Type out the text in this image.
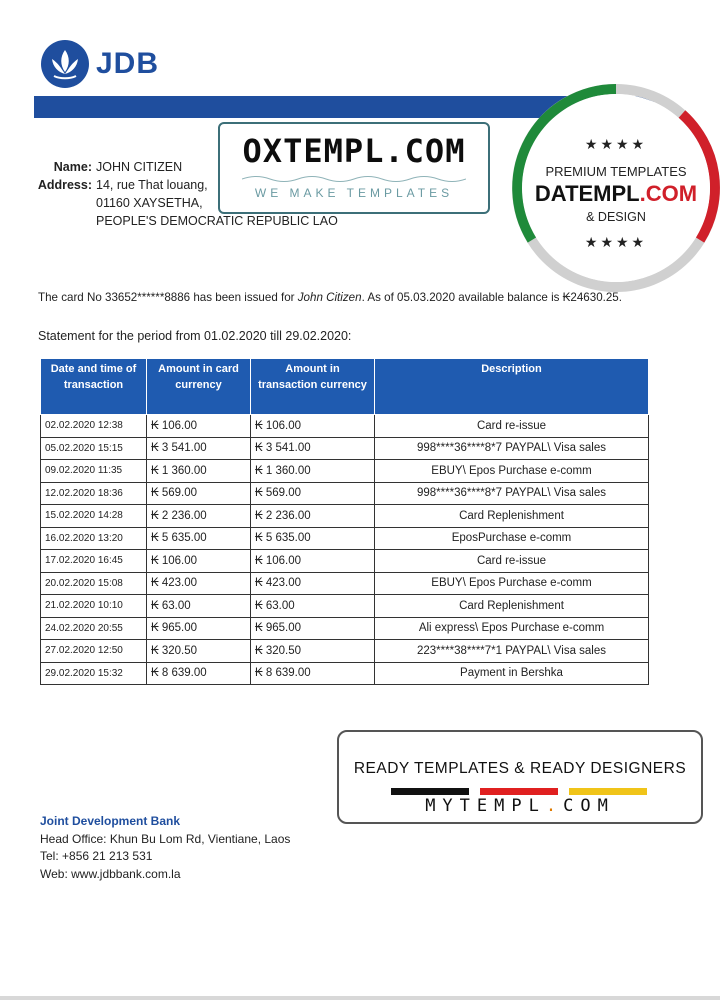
JDB
Name: JOHN CITIZEN
Address: 14, rue That louang,
01160 XAYSETHA,
PEOPLE'S DEMOCRATIC REPUBLIC LAO
OXTEMPL.COM
WE MAKE TEMPLATES
★★★★
PREMIUM TEMPLATES
DATEMPL.COM
& DESIGN
★★★★
The card No 33652******8886 has been issued for John Citizen. As of 05.03.2020 available balance is ₭24630.25.
Statement for the period from 01.02.2020 till 29.02.2020:
Date and time of transaction	Amount in card currency	Amount in transaction currency	Description
02.02.2020 12:38	₭ 106.00	₭ 106.00	Card re-issue
05.02.2020 15:15	₭ 3 541.00	₭ 3 541.00	998****36****8*7 PAYPAL\ Visa sales
09.02.2020 11:35	₭ 1 360.00	₭ 1 360.00	EBUY\ Epos Purchase e-comm
12.02.2020 18:36	₭ 569.00	₭ 569.00	998****36****8*7 PAYPAL\ Visa sales
15.02.2020 14:28	₭ 2 236.00	₭ 2 236.00	Card Replenishment
16.02.2020 13:20	₭ 5 635.00	₭ 5 635.00	EposPurchase e-comm
17.02.2020 16:45	₭ 106.00	₭ 106.00	Card re-issue
20.02.2020 15:08	₭ 423.00	₭ 423.00	EBUY\ Epos Purchase e-comm
21.02.2020 10:10	₭ 63.00	₭ 63.00	Card Replenishment
24.02.2020 20:55	₭ 965.00	₭ 965.00	Ali express\ Epos Purchase e-comm
27.02.2020 12:50	₭ 320.50	₭ 320.50	223****38****7*1 PAYPAL\ Visa sales
29.02.2020 15:32	₭ 8 639.00	₭ 8 639.00	Payment in Bershka
READY TEMPLATES & READY DESIGNERS
MYTEMPL.COM
Joint Development Bank
Head Office: Khun Bu Lom Rd, Vientiane, Laos
Tel: +856 21 213 531
Web: www.jdbbank.com.la
